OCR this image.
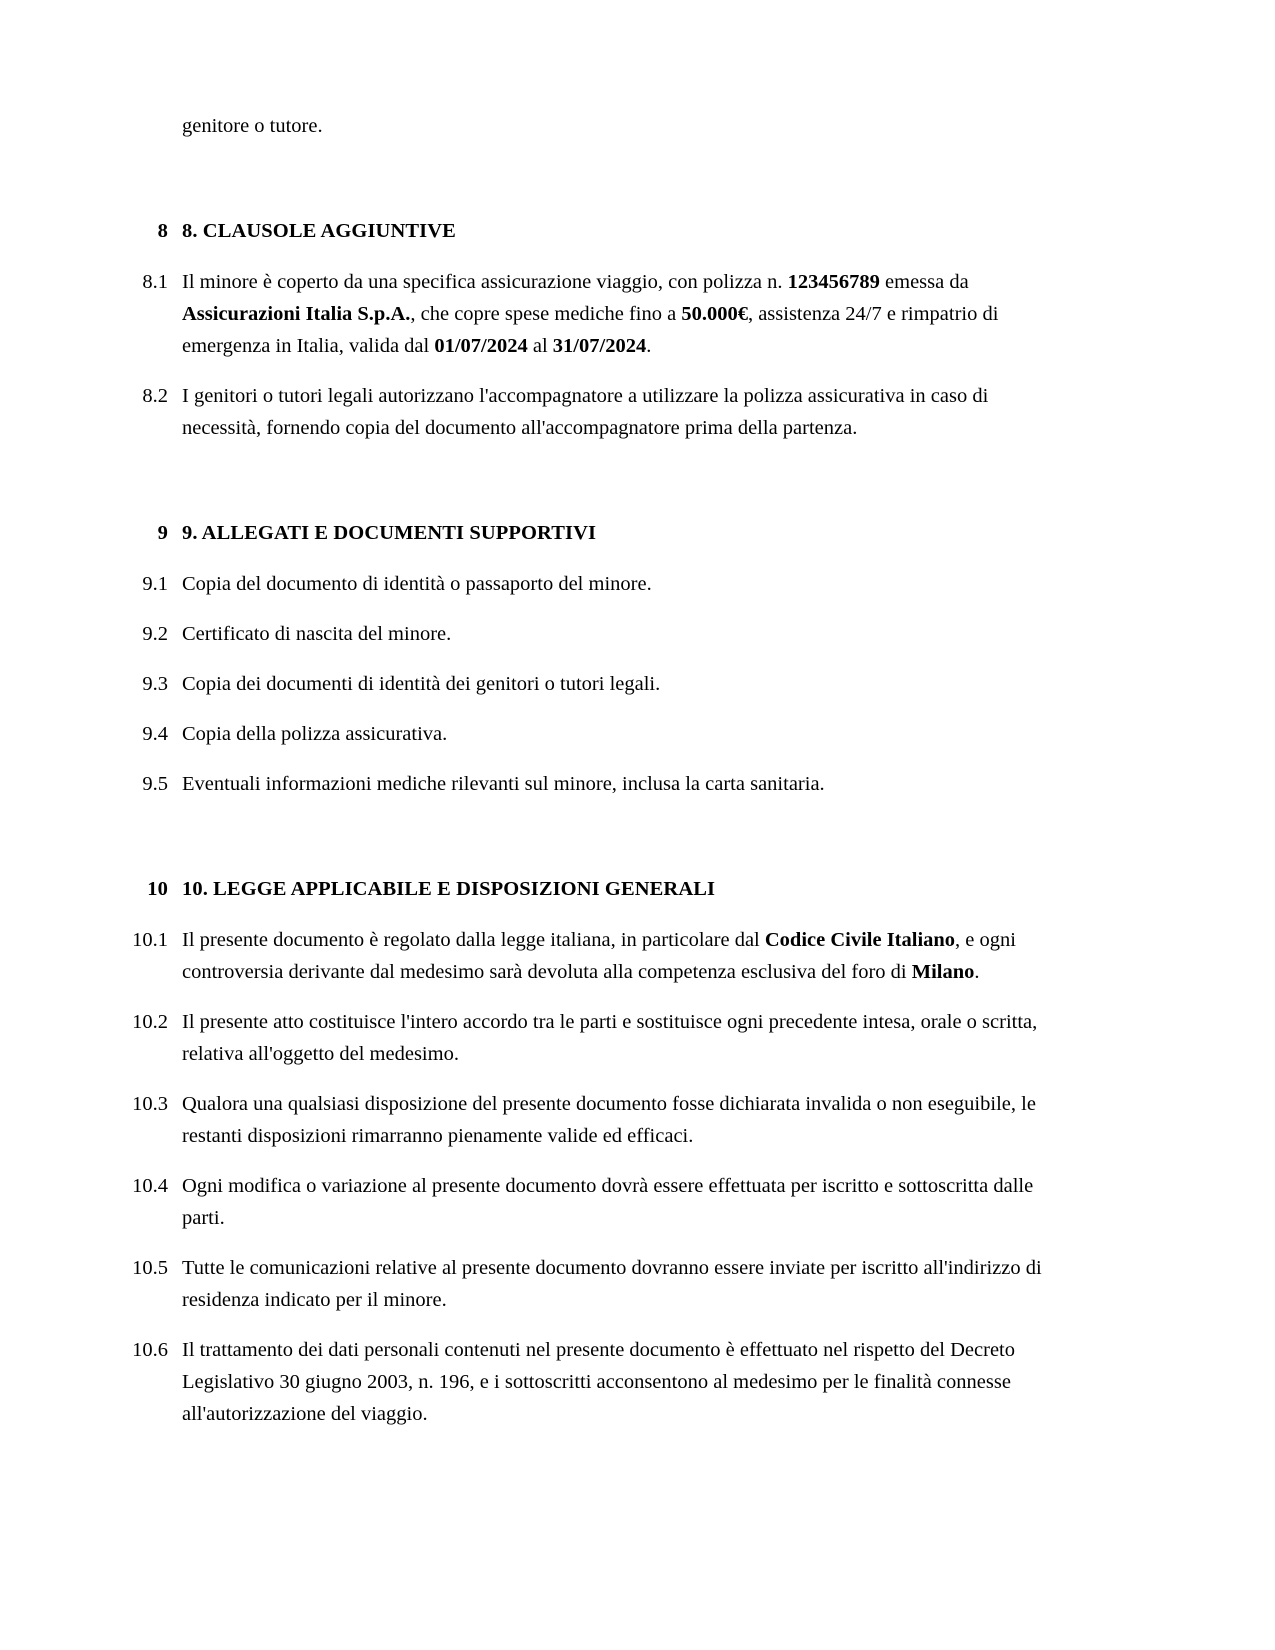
genitore o tutore.
8 8. CLAUSOLE AGGIUNTIVE
8.1 Il minore è coperto da una specifica assicurazione viaggio, con polizza n. 123456789 emessa da Assicurazioni Italia S.p.A., che copre spese mediche fino a 50.000€, assistenza 24/7 e rimpatrio di emergenza in Italia, valida dal 01/07/2024 al 31/07/2024.
8.2 I genitori o tutori legali autorizzano l'accompagnatore a utilizzare la polizza assicurativa in caso di necessità, fornendo copia del documento all'accompagnatore prima della partenza.
9 9. ALLEGATI E DOCUMENTI SUPPORTIVI
9.1 Copia del documento di identità o passaporto del minore.
9.2 Certificato di nascita del minore.
9.3 Copia dei documenti di identità dei genitori o tutori legali.
9.4 Copia della polizza assicurativa.
9.5 Eventuali informazioni mediche rilevanti sul minore, inclusa la carta sanitaria.
10 10. LEGGE APPLICABILE E DISPOSIZIONI GENERALI
10.1 Il presente documento è regolato dalla legge italiana, in particolare dal Codice Civile Italiano, e ogni controversia derivante dal medesimo sarà devoluta alla competenza esclusiva del foro di Milano.
10.2 Il presente atto costituisce l'intero accordo tra le parti e sostituisce ogni precedente intesa, orale o scritta, relativa all'oggetto del medesimo.
10.3 Qualora una qualsiasi disposizione del presente documento fosse dichiarata invalida o non eseguibile, le restanti disposizioni rimarranno pienamente valide ed efficaci.
10.4 Ogni modifica o variazione al presente documento dovrà essere effettuata per iscritto e sottoscritta dalle parti.
10.5 Tutte le comunicazioni relative al presente documento dovranno essere inviate per iscritto all'indirizzo di residenza indicato per il minore.
10.6 Il trattamento dei dati personali contenuti nel presente documento è effettuato nel rispetto del Decreto Legislativo 30 giugno 2003, n. 196, e i sottoscritti acconsentono al medesimo per le finalità connesse all'autorizzazione del viaggio.
